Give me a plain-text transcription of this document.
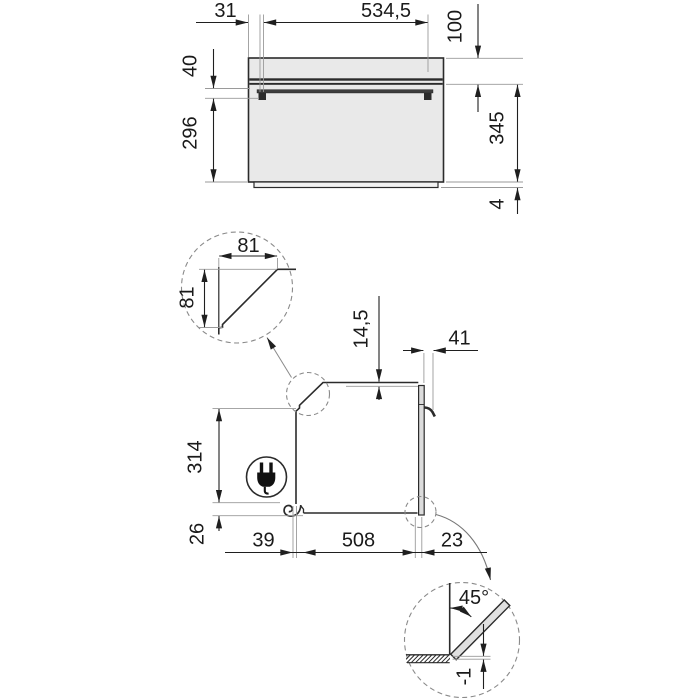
31	534,5 100
40
296	345
4
81
81
14,5	41
314
26 39	508	23
45°
-1
